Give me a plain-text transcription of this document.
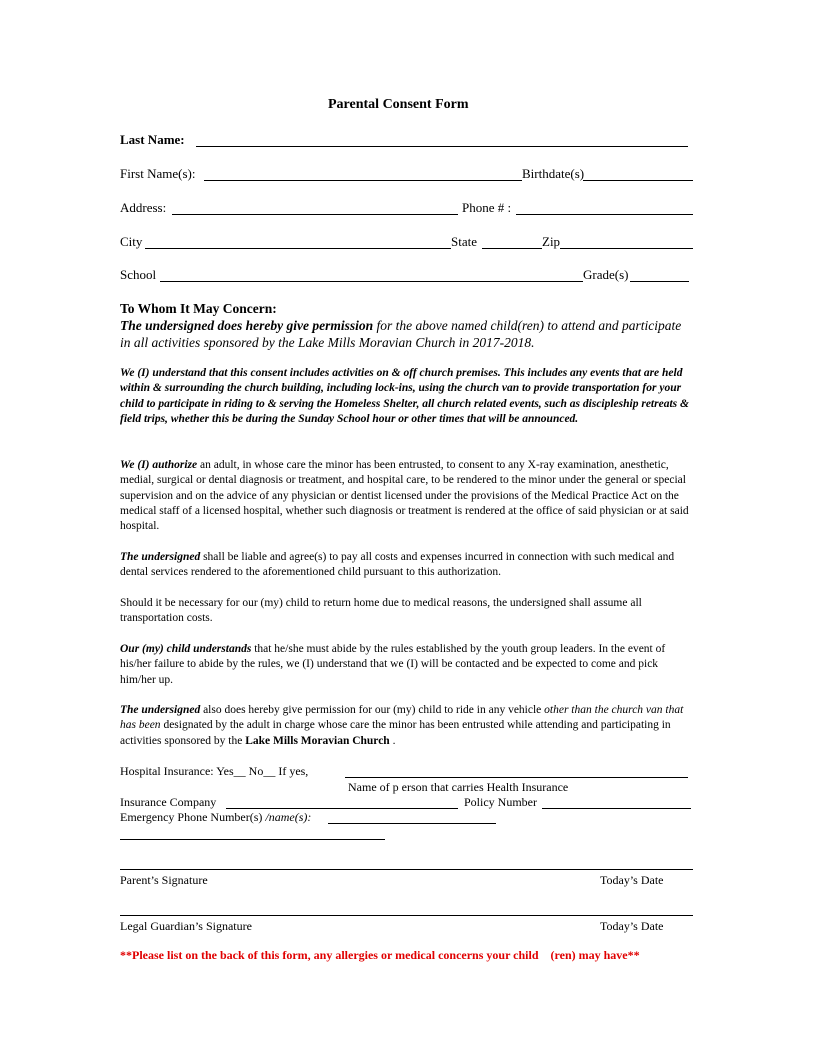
Parental Consent Form
Last Name:
First Name(s):	Birthdate(s)
Address:	Phone # :
City	State	Zip
School	Grade(s)
To Whom It May Concern:
The undersigned does hereby give permission for the above named child(ren) to attend and participate in all activities sponsored by the Lake Mills Moravian Church in 2017-2018.
We (I) understand that this consent includes activities on & off church premises. This includes any events that are held within & surrounding the church building, including lock-ins, using the church van to provide transportation for your child to participate in riding to & serving the Homeless Shelter, all church related events, such as discipleship retreats & field trips, whether this be during the Sunday School hour or other times that will be announced.
We (I) authorize an adult, in whose care the minor has been entrusted, to consent to any X-ray examination, anesthetic, medial, surgical or dental diagnosis or treatment, and hospital care, to be rendered to the minor under the general or special supervision and on the advice of any physician or dentist licensed under the provisions of the Medical Practice Act on the medical staff of a licensed hospital, whether such diagnosis or treatment is rendered at the office of said physician or at said hospital.
The undersigned shall be liable and agree(s) to pay all costs and expenses incurred in connection with such medical and dental services rendered to the aforementioned child pursuant to this authorization.
Should it be necessary for our (my) child to return home due to medical reasons, the undersigned shall assume all transportation costs.
Our (my) child understands that he/she must abide by the rules established by the youth group leaders. In the event of his/her failure to abide by the rules, we (I) understand that we (I) will be contacted and be expected to come and pick him/her up.
The undersigned also does hereby give permission for our (my) child to ride in any vehicle other than the church van that has been designated by the adult in charge whose care the minor has been entrusted while attending and participating in activities sponsored by the Lake Mills Moravian Church .
Hospital Insurance: Yes__ No__ If yes,
Name of p erson that carries Health Insurance
Insurance Company	Policy Number
Emergency Phone Number(s) /name(s):
Parent’s Signature	Today’s Date
Legal Guardian’s Signature	Today’s Date
**Please list on the back of this form, any allergies or medical concerns your child    (ren) may have**
